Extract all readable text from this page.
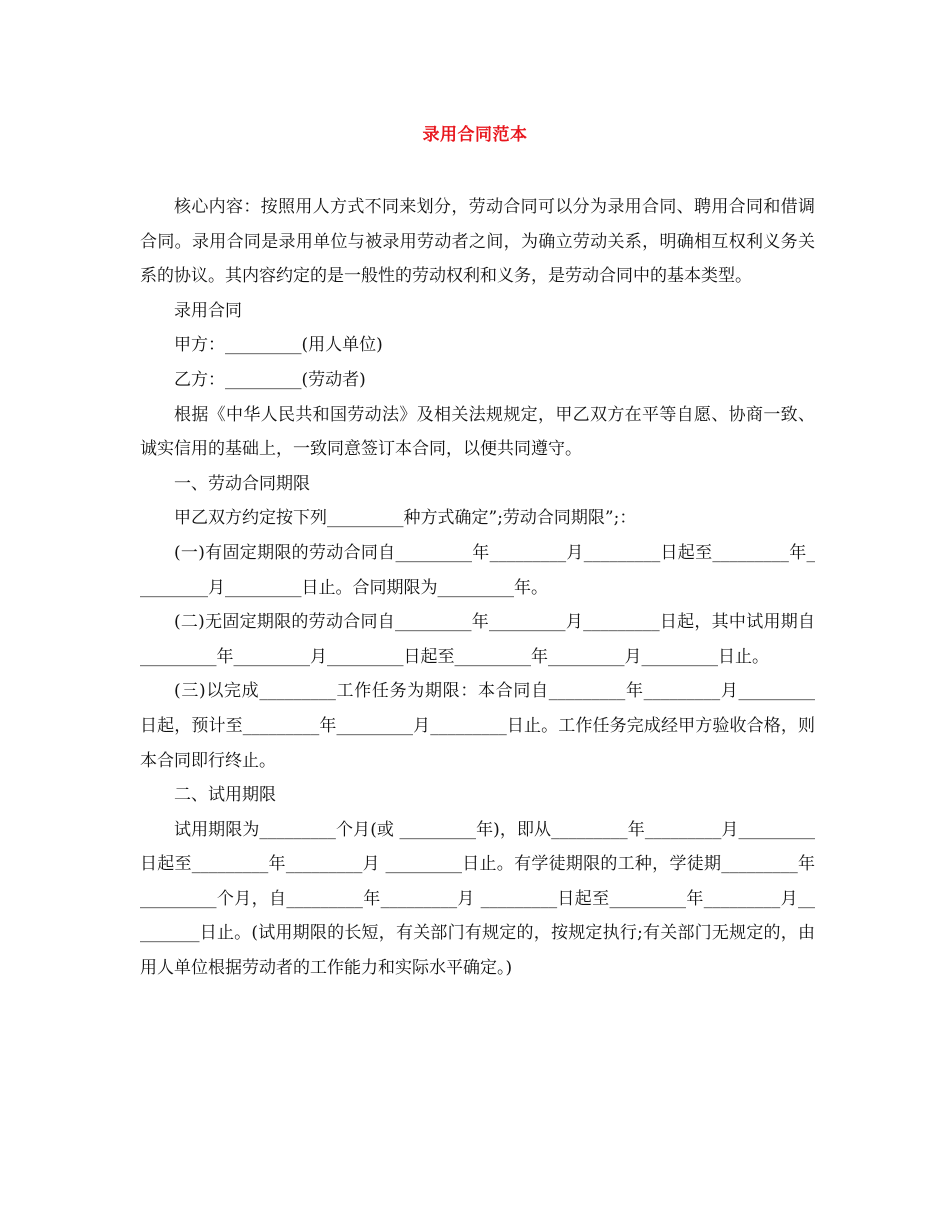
录用合同范本

核心内容：按照用人方式不同来划分，劳动合同可以分为录用合同、聘用合同和借调合同。录用合同是录用单位与被录用劳动者之间，为确立劳动关系，明确相互权利义务关系的协议。其内容约定的是一般性的劳动权利和义务，是劳动合同中的基本类型。

录用合同

甲方：_________(用人单位)

乙方：_________(劳动者)

根据《中华人民共和国劳动法》及相关法规规定，甲乙双方在平等自愿、协商一致、诚实信用的基础上，一致同意签订本合同，以便共同遵守。

一、劳动合同期限

甲乙双方约定按下列_________种方式确定”;劳动合同期限”;：

(一)有固定期限的劳动合同自_________年_________月_________日起至_________年_________月_________日止。合同期限为_________年。

(二)无固定期限的劳动合同自_________年_________月_________日起，其中试用期自_________年_________月_________日起至_________年_________月_________日止。

(三)以完成_________工作任务为期限：本合同自_________年_________月_________日起，预计至_________年_________月_________日止。工作任务完成经甲方验收合格，则本合同即行终止。

二、试用期限

试用期限为_________个月(或 _________年)，即从_________年_________月_________日起至_________年_________月 _________日止。有学徒期限的工种，学徒期_________年_________个月，自_________年_________月 _________日起至_________年_________月_________日止。(试用期限的长短，有关部门有规定的，按规定执行;有关部门无规定的，由用人单位根据劳动者的工作能力和实际水平确定。)
